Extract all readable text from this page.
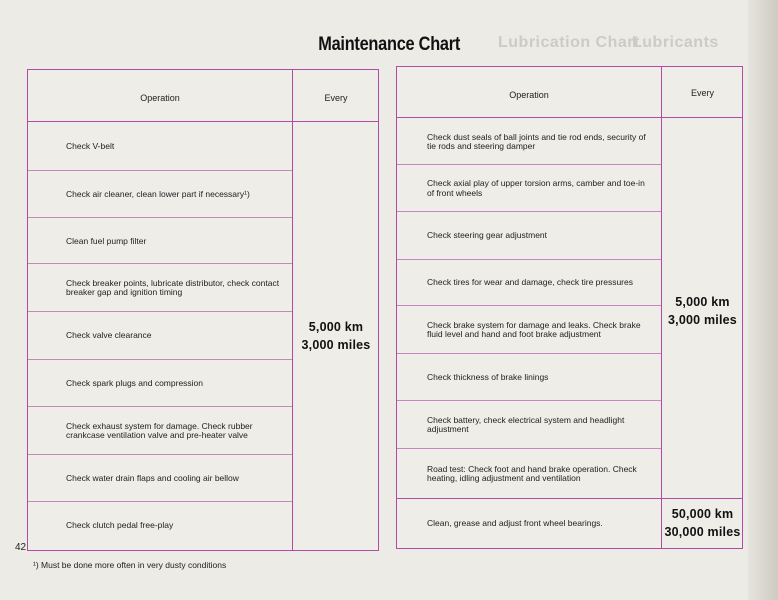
Lubrication Chart
Lubricants
Maintenance Chart
Operation	Every
Check V-belt
Check air cleaner, clean lower part if necessary¹)
Clean fuel pump filter
Check breaker points, lubricate distributor, check contact breaker gap and ignition timing
Check valve clearance
Check spark plugs and compression
Check exhaust system for damage. Check rubber crankcase ventilation valve and pre-heater valve
Check water drain flaps and cooling air bellow
Check clutch pedal free-play
5,000 km
3,000 miles
Operation	Every
Check dust seals of ball joints and tie rod ends, security of tie rods and steering damper
Check axial play of upper torsion arms, camber and toe-in of front wheels
Check steering gear adjustment
Check tires for wear and damage, check tire pressures
Check brake system for damage and leaks. Check brake fluid level and hand and foot brake adjustment
Check thickness of brake linings
Check battery, check electrical system and headlight adjustment
Road test: Check foot and hand brake operation. Check heating, idling adjustment and ventilation
Clean, grease and adjust front wheel bearings.
5,000 km
3,000 miles
50,000 km
30,000 miles
42
¹) Must be done more often in very dusty conditions
